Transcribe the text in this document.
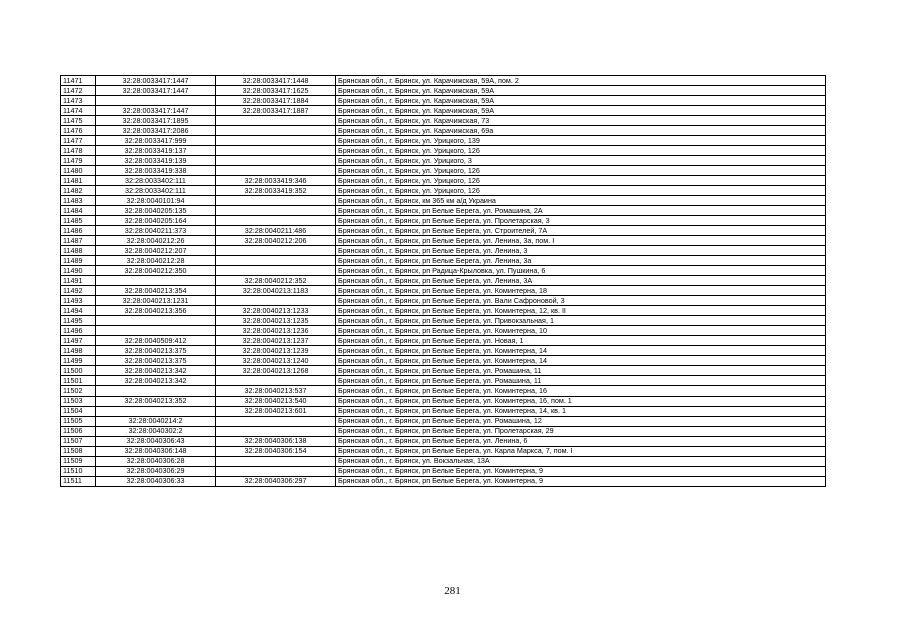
11471	32:28:0033417:1447	32:28:0033417:1448	Брянская обл., г. Брянск, ул. Карачижская, 59А, пом. 2
11472	32:28:0033417:1447	32:28:0033417:1625	Брянская обл., г. Брянск, ул. Карачижская, 59А
11473		32:28:0033417:1884	Брянская обл., г. Брянск, ул. Карачижская, 59А
11474	32:28:0033417:1447	32:28:0033417:1887	Брянская обл., г. Брянск, ул. Карачижская, 59А
11475	32:28:0033417:1895		Брянская обл., г. Брянск, ул. Карачижская, 73
11476	32:28:0033417:2086		Брянская обл., г. Брянск, ул. Карачижская, 69а
11477	32:28:0033417:999		Брянская обл., г. Брянск, ул. Урицкого, 139
11478	32:28:0033419:137		Брянская обл., г. Брянск, ул. Урицкого, 126
11479	32:28:0033419:139		Брянская обл., г. Брянск, ул. Урицкого, 3
11480	32:28:0033419:338		Брянская обл., г. Брянск, ул. Урицкого, 126
11481	32:28:0033402:111	32:28:0033419:346	Брянская обл., г. Брянск, ул. Урицкого, 126
11482	32:28:0033402:111	32:28:0033419:352	Брянская обл., г. Брянск, ул. Урицкого, 126
11483	32:28:0040101:94		Брянская обл., г. Брянск, км 365 км а/д Украина
11484	32:28:0040205:135		Брянская обл., г. Брянск, рп Белые Берега, ул. Ромашина, 2А
11485	32:28:0040205:164		Брянская обл., г. Брянск, рп Белые Берега, ул. Пролетарская, 3
11486	32:28:0040211:373	32:28:0040211:486	Брянская обл., г. Брянск, рп Белые Берега, ул. Строителей, 7А
11487	32:28:0040212:26	32:28:0040212:206	Брянская обл., г. Брянск, рп Белые Берега, ул. Ленина, 3а, пом. I
11488	32:28:0040212:207		Брянская обл., г. Брянск, рп Белые Берега, ул. Ленина, 3
11489	32:28:0040212:28		Брянская обл., г. Брянск, рп Белые Берега, ул. Ленина, 3а
11490	32:28:0040212:350		Брянская обл., г. Брянск, рп Радица-Крыловка, ул. Пушкина, 6
11491		32:28:0040212:352	Брянская обл., г. Брянск, рп Белые Берега, ул. Ленина, 3А
11492	32:28:0040213:354	32:28:0040213:1183	Брянская обл., г. Брянск, рп Белые Берега, ул. Коминтерна, 18
11493	32:28:0040213:1231		Брянская обл., г. Брянск, рп Белые Берега, ул. Вали Сафроновой, 3
11494	32:28:0040213:356	32:28:0040213:1233	Брянская обл., г. Брянск, рп Белые Берега, ул. Коминтерна, 12, кв. II
11495		32:28:0040213:1235	Брянская обл., г. Брянск, рп Белые Берега, ул. Привокзальная, 1
11496		32:28:0040213:1236	Брянская обл., г. Брянск, рп Белые Берега, ул. Коминтерна, 10
11497	32:28:0040509:412	32:28:0040213:1237	Брянская обл., г. Брянск, рп Белые Берега, ул. Новая, 1
11498	32:28:0040213:375	32:28:0040213:1239	Брянская обл., г. Брянск, рп Белые Берега, ул. Коминтерна, 14
11499	32:28:0040213:375	32:28:0040213:1240	Брянская обл., г. Брянск, рп Белые Берега, ул. Коминтерна, 14
11500	32:28:0040213:342	32:28:0040213:1268	Брянская обл., г. Брянск, рп Белые Берега, ул. Ромашина, 11
11501	32:28:0040213:342		Брянская обл., г. Брянск, рп Белые Берега, ул. Ромашина, 11
11502		32:28:0040213:537	Брянская обл., г. Брянск, рп Белые Берега, ул. Коминтерна, 16
11503	32:28:0040213:352	32:28:0040213:540	Брянская обл., г. Брянск, рп Белые Берега, ул. Коминтерна, 16, пом. 1
11504		32:28:0040213:601	Брянская обл., г. Брянск, рп Белые Берега, ул. Коминтерна, 14, кв. 1
11505	32:28:0040214:2		Брянская обл., г. Брянск, рп Белые Берега, ул. Ромашина, 12
11506	32:28:0040302:2		Брянская обл., г. Брянск, рп Белые Берега, ул. Пролетарская, 29
11507	32:28:0040306:43	32:28:0040306:138	Брянская обл., г. Брянск, рп Белые Берега, ул. Ленина, 6
11508	32:28:0040306:148	32:28:0040306:154	Брянская обл., г. Брянск, рп Белые Берега, ул. Карла Маркса, 7, пом. I
11509	32:28:0040306:28		Брянская обл., г. Брянск, ул. Вокзальная, 13А
11510	32:28:0040306:29		Брянская обл., г. Брянск, рп Белые Берега, ул. Коминтерна, 9
11511	32:28:0040306:33	32:28:0040306:297	Брянская обл., г. Брянск, рп Белые Берега, ул. Коминтерна, 9
281
